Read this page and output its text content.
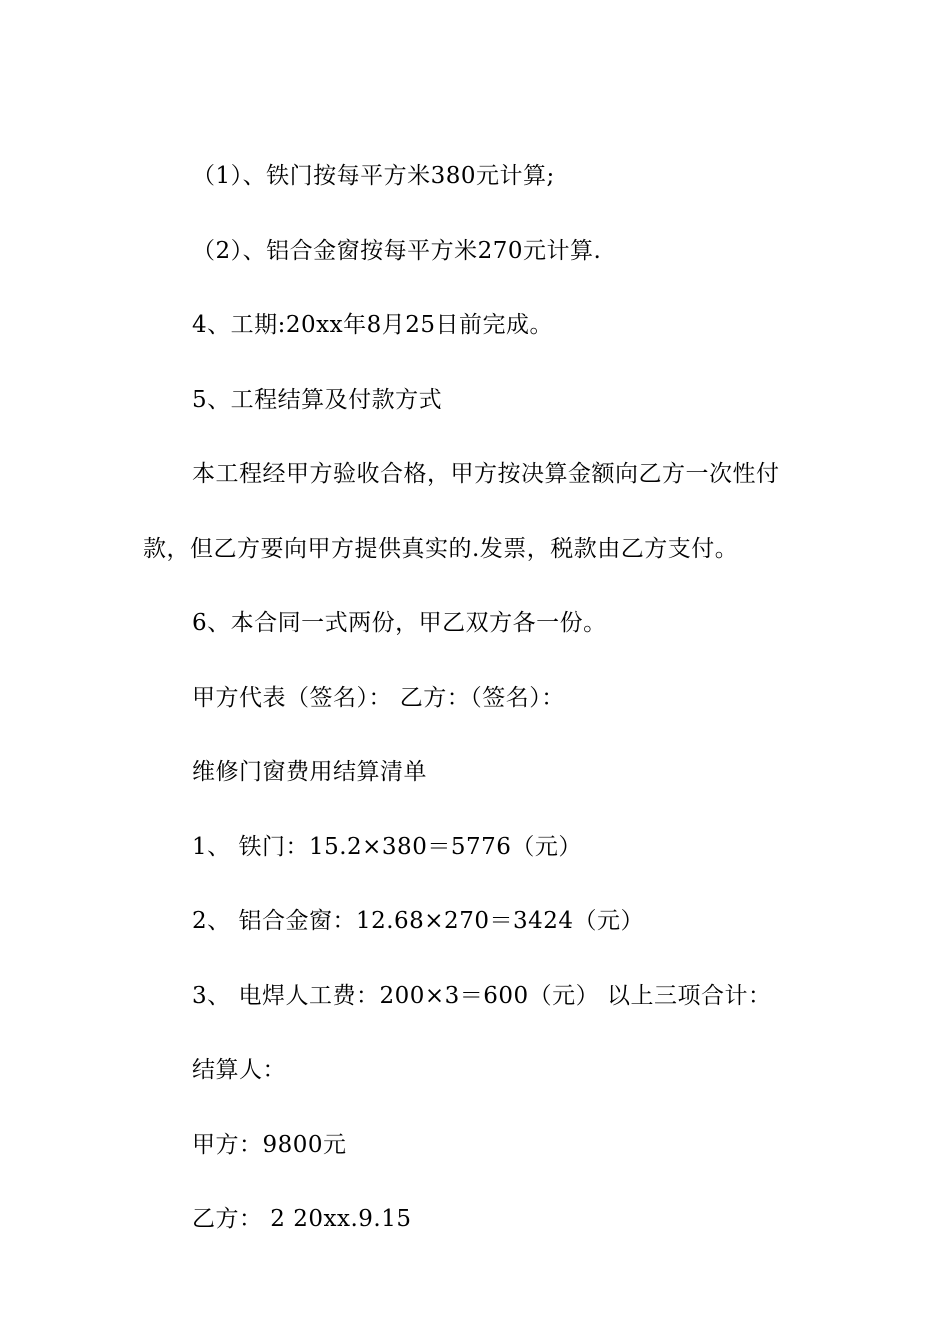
（1）、铁门按每平方米380元计算;

（2）、铝合金窗按每平方米270元计算.

4、工期:20xx年8月25日前完成。

5、工程结算及付款方式

本工程经甲方验收合格，甲方按决算金额向乙方一次性付

款，但乙方要向甲方提供真实的.发票，税款由乙方支付。

6、本合同一式两份，甲乙双方各一份。

甲方代表（签名）： 乙方：（签名）：

维修门窗费用结算清单

1、 铁门：15.2×380＝5776（元）

2、 铝合金窗：12.68×270＝3424（元）

3、 电焊人工费：200×3＝600（元） 以上三项合计：

结算人：

甲方：9800元

乙方： 2 20xx.9.15
